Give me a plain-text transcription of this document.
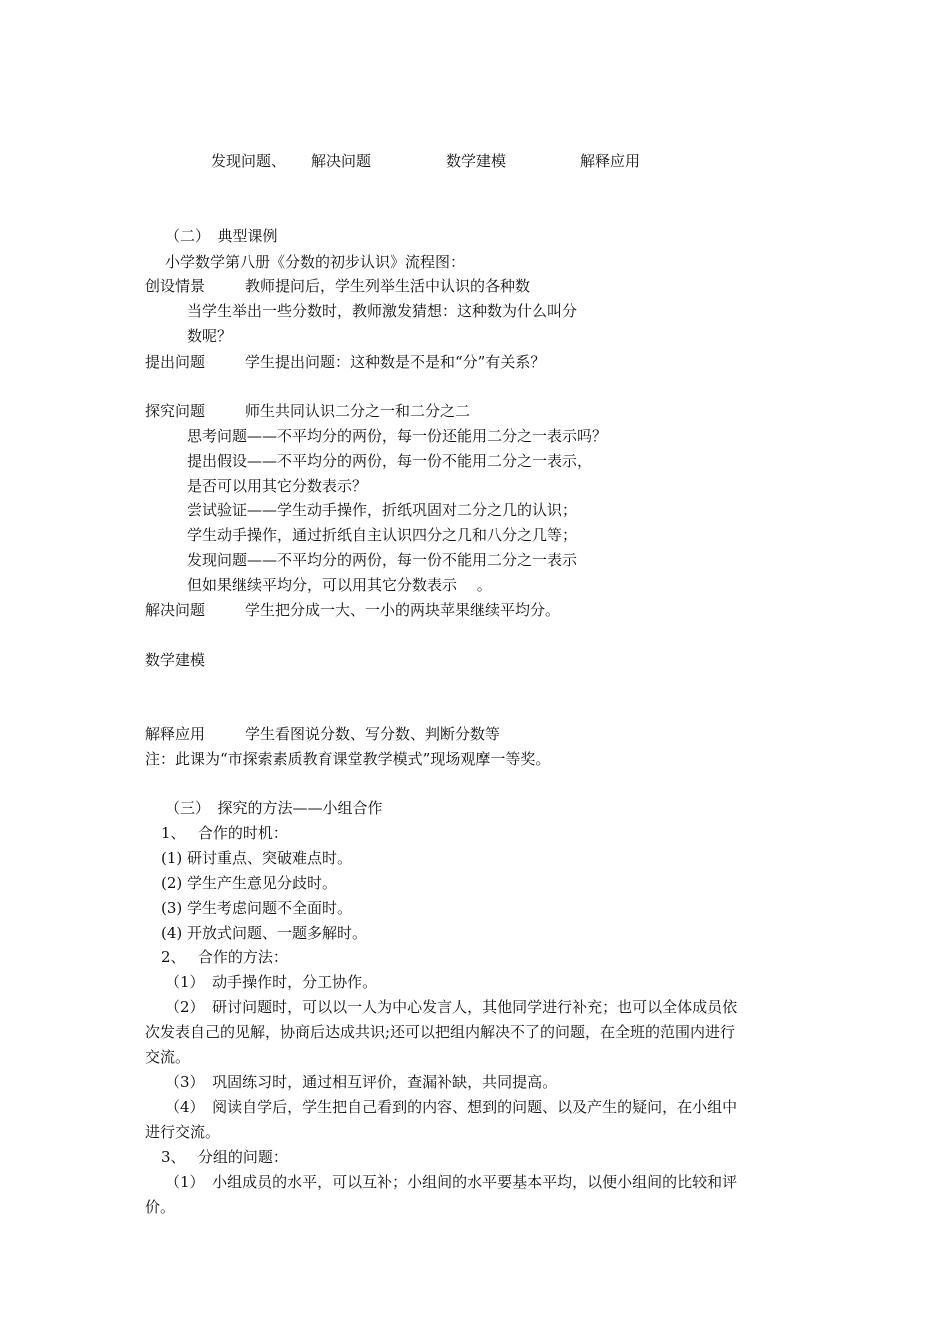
发现问题、 解决问题	数学建模	解释应用
（二）　 典型课例
小学数学第八册《分数的初步认识》流程图：
创设情景	教师提问后，学生列举生活中认识的各种数
当学生举出一些分数时，教师激发猜想：这种数为什么叫分
数呢？
提出问题	学生提出问题：这种数是不是和“分”有关系？
探究问题	师生共同认识二分之一和二分之二
思考问题——不平均分的两份，每一份还能用二分之一表示吗？
提出假设——不平均分的两份，每一份不能用二分之一表示，
是否可以用其它分数表示？
尝试验证——学生动手操作，折纸巩固对二分之几的认识；
学生动手操作，通过折纸自主认识四分之几和八分之几等；
发现问题——不平均分的两份，每一份不能用二分之一表示
但如果继续平均分，可以用其它分数表示　 。
解决问题	学生把分成一大、一小的两块苹果继续平均分。
数学建模
解释应用	学生看图说分数、写分数、判断分数等
注：此课为“市探索素质教育课堂教学模式”现场观摩一等奖。
（三）　 探究的方法——小组合作
1、　 合作的时机：
(1) 研讨重点、突破难点时。
(2) 学生产生意见分歧时。
(3) 学生考虑问题不全面时。
(4) 开放式问题、一题多解时。
2、　 合作的方法：
（1）　 动手操作时，分工协作。
（2）　 研讨问题时，可以以一人为中心发言人，其他同学进行补充；也可以全体成员依
次发表自己的见解，协商后达成共识;还可以把组内解决不了的问题，在全班的范围内进行
交流。
（3）　 巩固练习时，通过相互评价，查漏补缺，共同提高。
（4）　 阅读自学后，学生把自己看到的内容、想到的问题、以及产生的疑问，在小组中
进行交流。
3、　 分组的问题：
（1）　 小组成员的水平，可以互补；小组间的水平要基本平均，以便小组间的比较和评
价。
